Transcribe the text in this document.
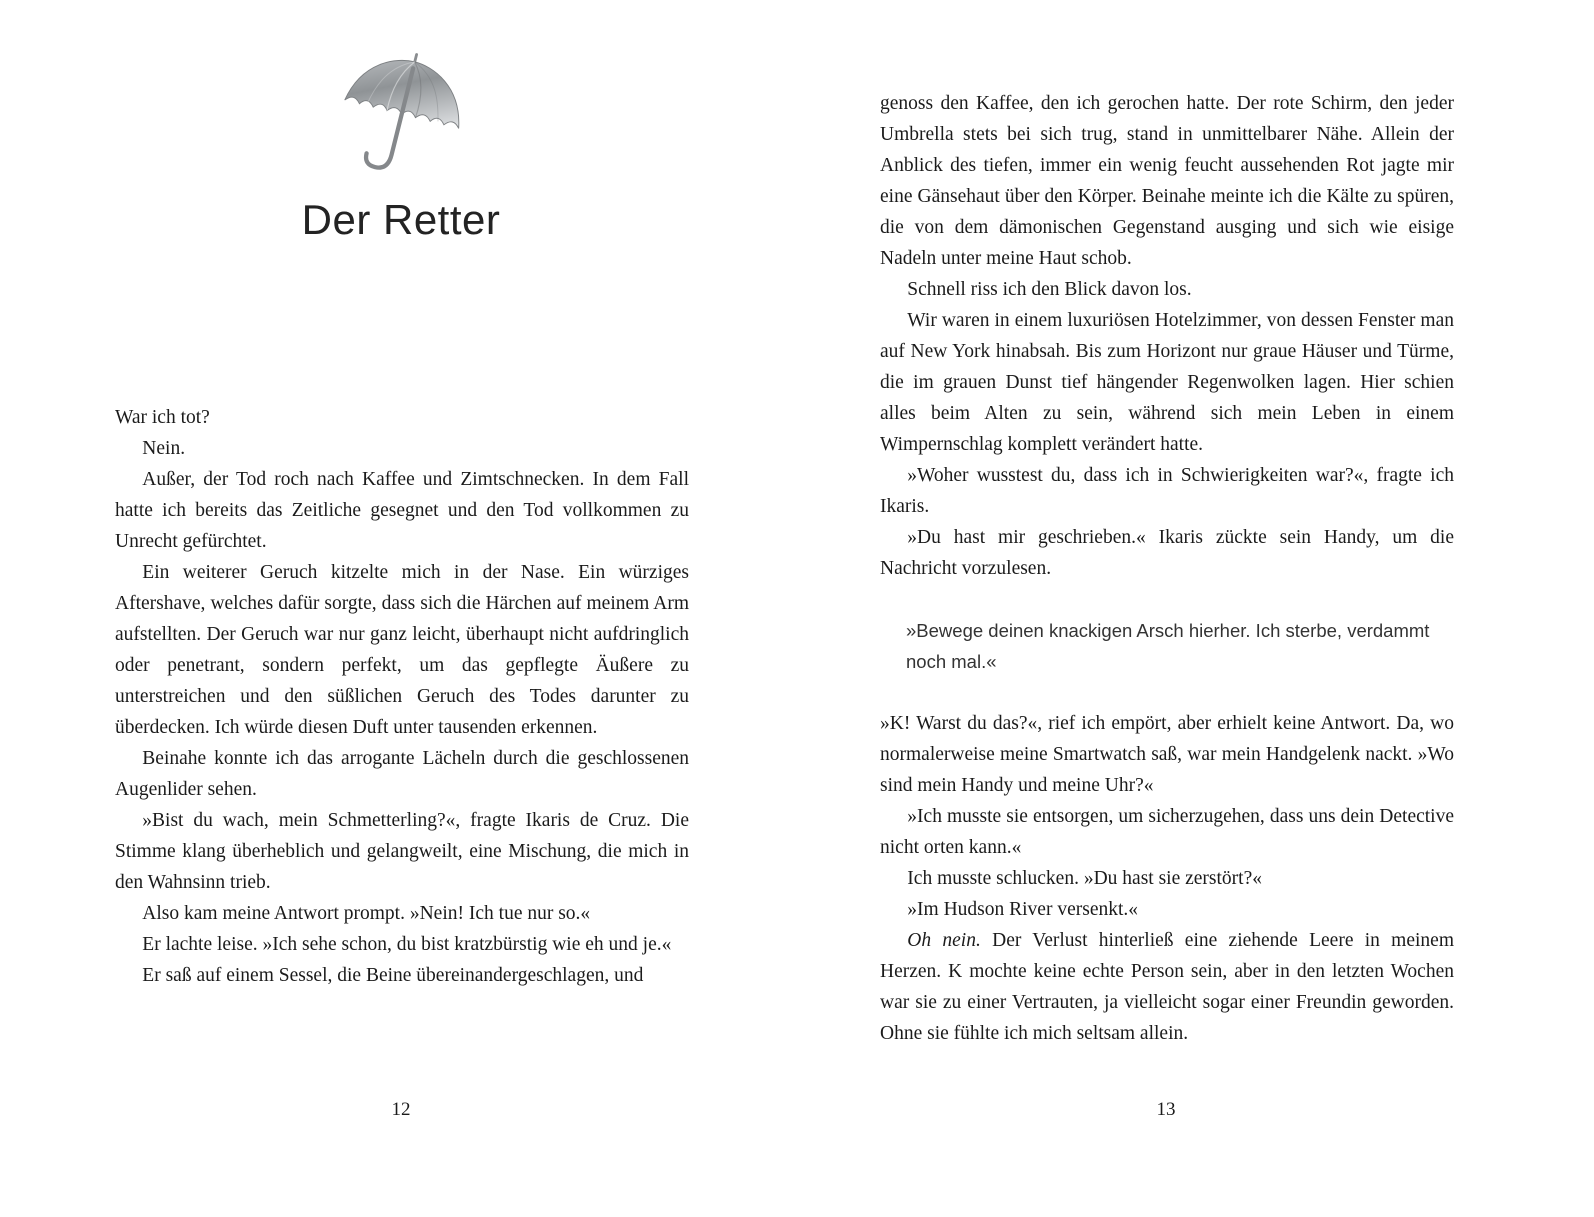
Der Retter

War ich tot?

Nein.

Außer, der Tod roch nach Kaffee und Zimtschnecken. In dem Fall hatte ich bereits das Zeitliche gesegnet und den Tod vollkommen zu Unrecht gefürchtet.

Ein weiterer Geruch kitzelte mich in der Nase. Ein würziges Aftershave, welches dafür sorgte, dass sich die Härchen auf meinem Arm aufstellten. Der Geruch war nur ganz leicht, überhaupt nicht aufdringlich oder penetrant, sondern perfekt, um das gepflegte Äußere zu unterstreichen und den süßlichen Geruch des Todes darunter zu überdecken. Ich würde diesen Duft unter tausenden erkennen.

Beinahe konnte ich das arrogante Lächeln durch die geschlossenen Augenlider sehen.

»Bist du wach, mein Schmetterling?«, fragte Ikaris de Cruz. Die Stimme klang überheblich und gelangweilt, eine Mischung, die mich in den Wahnsinn trieb.

Also kam meine Antwort prompt. »Nein! Ich tue nur so.«

Er lachte leise. »Ich sehe schon, du bist kratzbürstig wie eh und je.«

Er saß auf einem Sessel, die Beine übereinandergeschlagen, und

12

genoss den Kaffee, den ich gerochen hatte. Der rote Schirm, den jeder Umbrella stets bei sich trug, stand in unmittelbarer Nähe. Allein der Anblick des tiefen, immer ein wenig feucht aussehenden Rot jagte mir eine Gänsehaut über den Körper. Beinahe meinte ich die Kälte zu spüren, die von dem dämonischen Gegenstand ausging und sich wie eisige Nadeln unter meine Haut schob.

Schnell riss ich den Blick davon los.

Wir waren in einem luxuriösen Hotelzimmer, von dessen Fenster man auf New York hinabsah. Bis zum Horizont nur graue Häuser und Türme, die im grauen Dunst tief hängender Regenwolken lagen. Hier schien alles beim Alten zu sein, während sich mein Leben in einem Wimpernschlag komplett verändert hatte.

»Woher wusstest du, dass ich in Schwierigkeiten war?«, fragte ich Ikaris.

»Du hast mir geschrieben.« Ikaris zückte sein Handy, um die Nachricht vorzulesen.

»Bewege deinen knackigen Arsch hierher. Ich sterbe, verdammt noch mal.«

»K! Warst du das?«, rief ich empört, aber erhielt keine Antwort. Da, wo normalerweise meine Smartwatch saß, war mein Handgelenk nackt. »Wo sind mein Handy und meine Uhr?«

»Ich musste sie entsorgen, um sicherzugehen, dass uns dein Detective nicht orten kann.«

Ich musste schlucken. »Du hast sie zerstört?«

»Im Hudson River versenkt.«

Oh nein. Der Verlust hinterließ eine ziehende Leere in meinem Herzen. K mochte keine echte Person sein, aber in den letzten Wochen war sie zu einer Vertrauten, ja vielleicht sogar einer Freundin geworden. Ohne sie fühlte ich mich seltsam allein.

13
